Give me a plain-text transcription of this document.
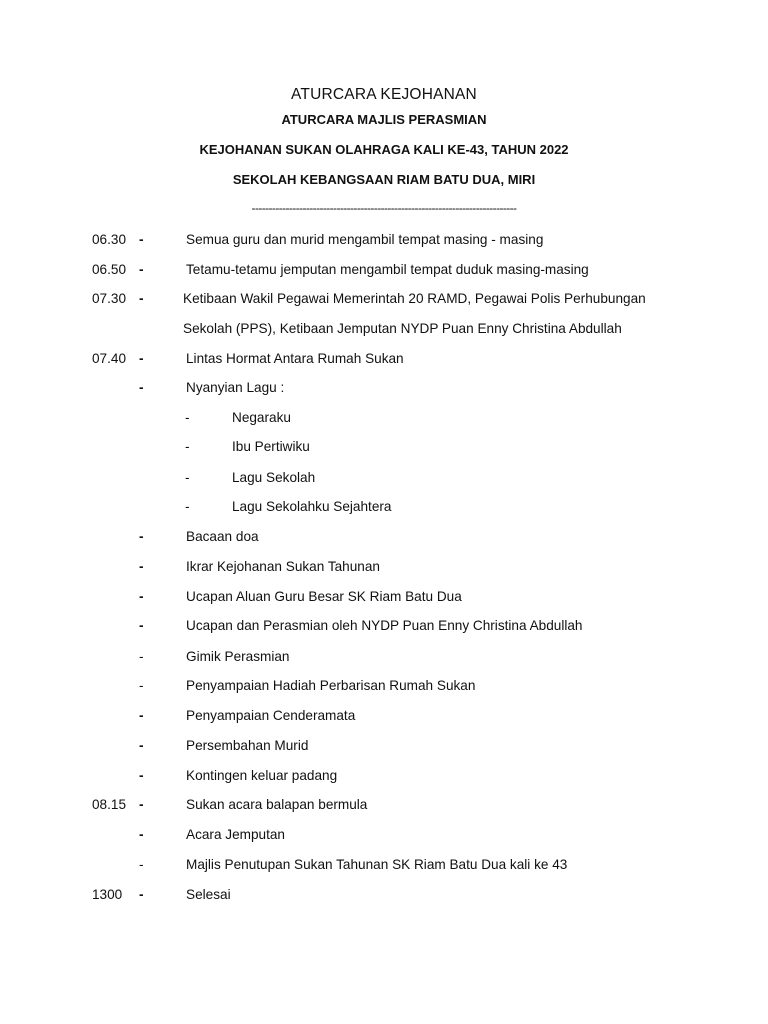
ATURCARA KEJOHANAN
ATURCARA MAJLIS PERASMIAN
KEJOHANAN SUKAN OLAHRAGA KALI KE-43, TAHUN 2022
SEKOLAH KEBANGSAAN RIAM BATU DUA, MIRI
------------------------------------------------------------------------------
06.30 -	Semua guru dan murid mengambil tempat masing - masing
06.50 -	Tetamu-tetamu jemputan mengambil tempat duduk masing-masing
07.30 -	Ketibaan Wakil Pegawai Memerintah 20 RAMD, Pegawai Polis Perhubungan
Sekolah (PPS), Ketibaan Jemputan NYDP Puan Enny Christina Abdullah
07.40 -	Lintas Hormat Antara Rumah Sukan
-	Nyanyian Lagu :
-	Negaraku
-	Ibu Pertiwiku
-	Lagu Sekolah
-	Lagu Sekolahku Sejahtera
-	Bacaan doa
-	Ikrar Kejohanan Sukan Tahunan
-	Ucapan Aluan Guru Besar SK Riam Batu Dua
-	Ucapan dan Perasmian oleh NYDP Puan Enny Christina Abdullah
-	Gimik Perasmian
-	Penyampaian Hadiah Perbarisan Rumah Sukan
-	Penyampaian Cenderamata
-	Persembahan Murid
-	Kontingen keluar padang
08.15 -	Sukan acara balapan bermula
-	Acara Jemputan
-	Majlis Penutupan Sukan Tahunan SK Riam Batu Dua kali ke 43
1300 -	Selesai
